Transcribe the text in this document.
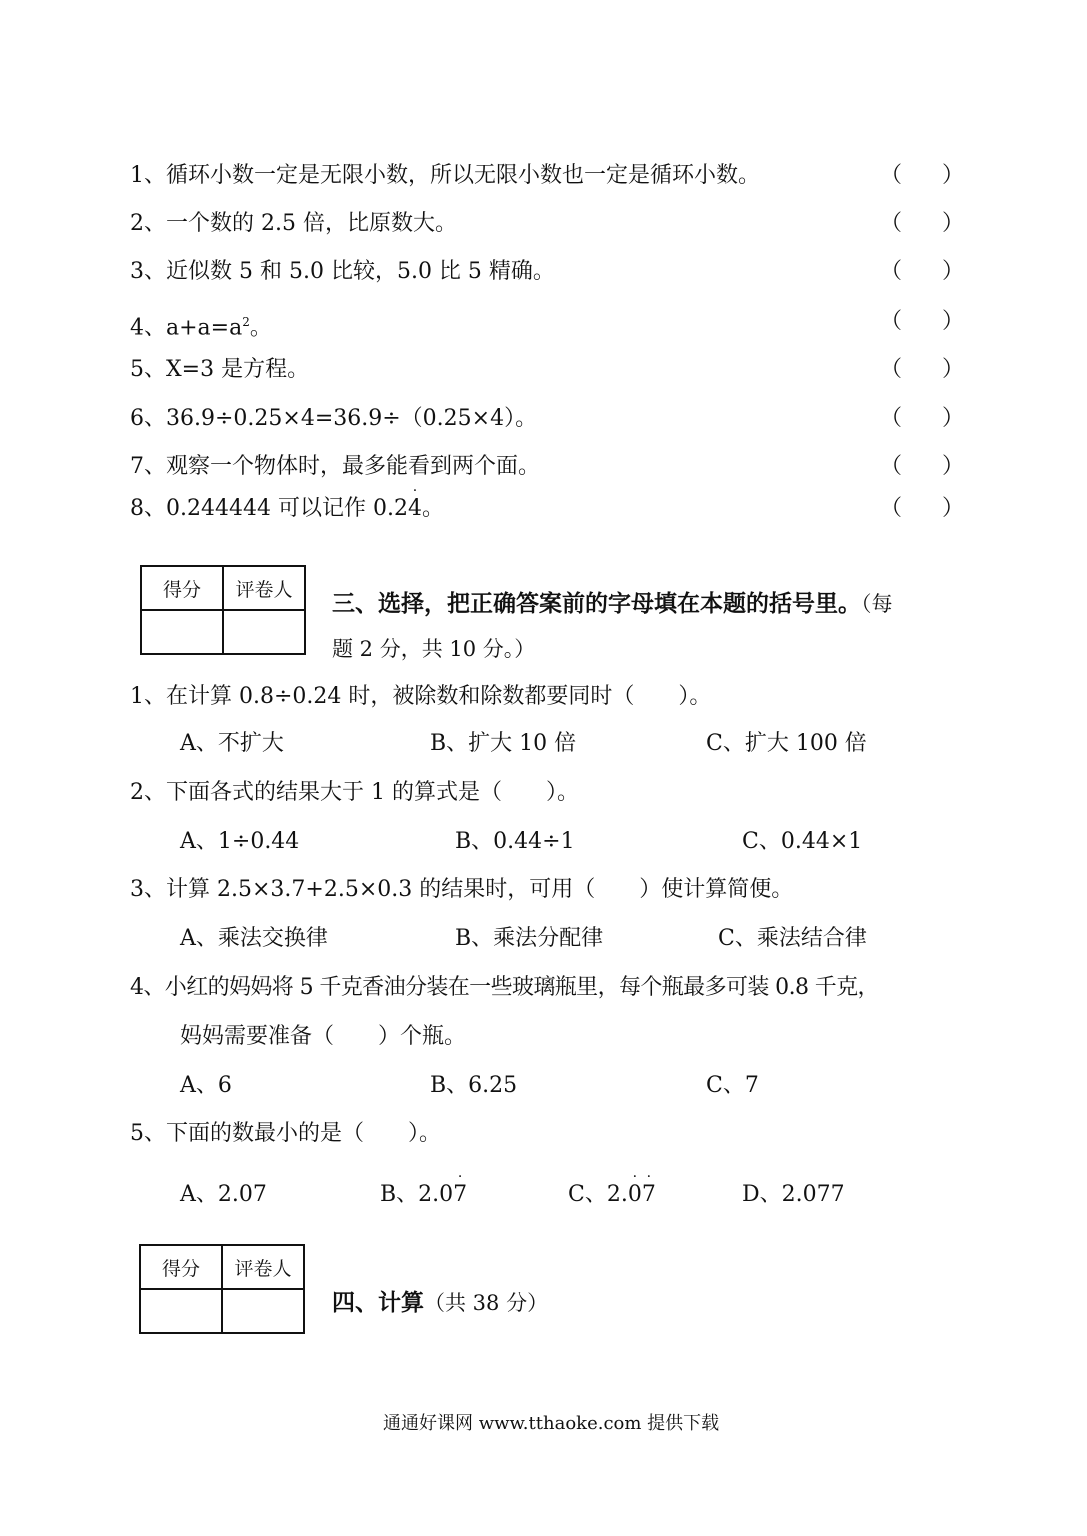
1、循环小数一定是无限小数，所以无限小数也一定是循环小数。	（ ）
2、一个数的 2.5 倍，比原数大。	（ ）
3、近似数 5 和 5.0 比较，5.0 比 5 精确。	（ ）
4、$a+a=a^2$。	（ ）
5、X=3 是方程。	（ ）
6、36.9÷0.25×4=36.9÷（0.25×4）。	（ ）
7、观察一个物体时，最多能看到两个面。	（ ）
8、0.244444 可以记作 0.24
·
。	（ ）
得分	评卷人

三、选择，把正确答案前的字母填在本题的括号里。（每
题 2 分，共 10 分。）
1、在计算 0.8÷0.24 时，被除数和除数都要同时（　　）。
A、不扩大	B、扩大 10 倍	C、扩大 100 倍
2、下面各式的结果大于 1 的算式是（　　）。
A、1÷0.44	B、0.44÷1	C、0.44×1
3、计算 2.5×3.7+2.5×0.3 的结果时，可用（　　）使计算简便。
A、乘法交换律	B、乘法分配律	C、乘法结合律
4、小红的妈妈将 5 千克香油分装在一些玻璃瓶里，每个瓶最多可装 0.8 千克，
妈妈需要准备（　　）个瓶。
A、6	B、6.25	C、7
5、下面的数最小的是（　　）。
A、2.07	B、2.07
·
C、2.0
·
7
·
D、2.077
得分	评卷人

四、计算（共 38 分）
通通好课网 www.tthaoke.com 提供下载
